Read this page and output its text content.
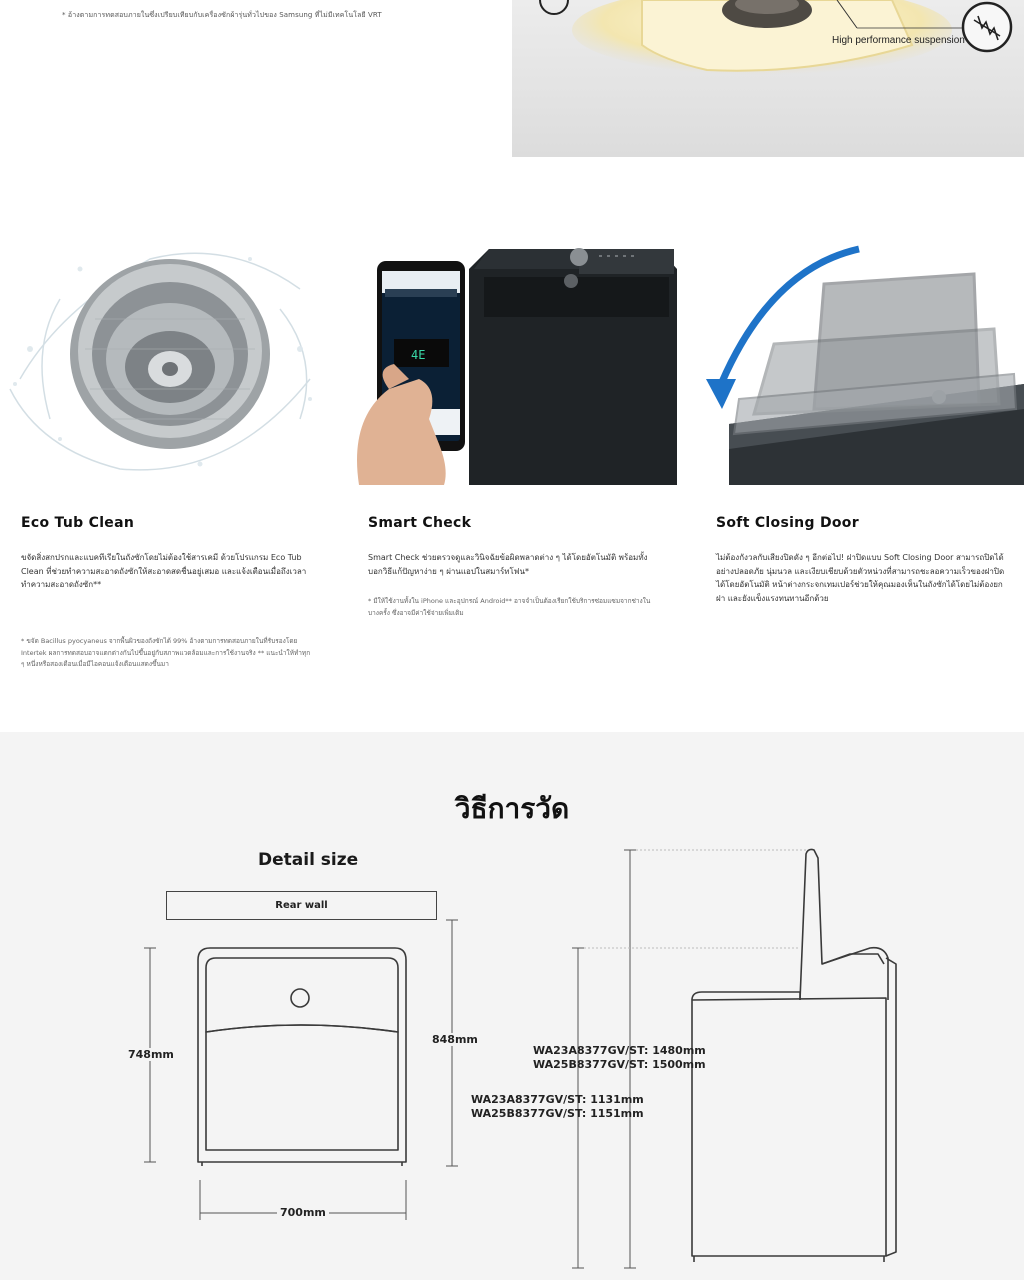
* อ้างตามการทดสอบภายในซึ่งเปรียบเทียบกับเครื่องซักผ้ารุ่นทั่วไปของ Samsung ที่ไม่มีเทคโนโลยี VRT
High performance suspension
4E
Eco Tub Clean
ขจัดสิ่งสกปรกและแบคทีเรียในถังซักโดยไม่ต้องใช้สารเคมี ด้วยโปรแกรม Eco Tub Clean ที่ช่วยทำความสะอาดถังซักให้สะอาดสดชื่นอยู่เสมอ และแจ้งเตือนเมื่อถึงเวลาทำความสะอาดถังซัก**
* ขจัด Bacillus pyocyaneus จากพื้นผิวของถังซักได้ 99% อ้างตามการทดสอบภายในที่รับรองโดย Intertek ผลการทดสอบอาจแตกต่างกันไปขึ้นอยู่กับสภาพแวดล้อมและการใช้งานจริง ** แนะนำให้ทำทุก ๆ หนึ่งหรือสองเดือนเมื่อมีไอคอนแจ้งเตือนแสดงขึ้นมา
Smart Check
Smart Check ช่วยตรวจดูและวินิจฉัยข้อผิดพลาดต่าง ๆ ได้โดยอัตโนมัติ พร้อมทั้งบอกวิธีแก้ปัญหาง่าย ๆ ผ่านแอปในสมาร์ทโฟน*
* มีให้ใช้งานทั้งใน iPhone และอุปกรณ์ Android** อาจจำเป็นต้องเรียกใช้บริการซ่อมแซมจากช่างในบางครั้ง ซึ่งอาจมีค่าใช้จ่ายเพิ่มเติม
Soft Closing Door
ไม่ต้องกังวลกับเสียงปิดดัง ๆ อีกต่อไป! ฝาปิดแบบ Soft Closing Door สามารถปิดได้อย่างปลอดภัย นุ่มนวล และเงียบเชียบด้วยตัวหน่วงที่สามารถชะลอความเร็วของฝาปิดได้โดยอัตโนมัติ หน้าต่างกระจกเทมเปอร์ช่วยให้คุณมองเห็นในถังซักได้โดยไม่ต้องยกฝา และยังแข็งแรงทนทานอีกด้วย
วิธีการวัด
Detail size
Rear wall
748mm
848mm
700mm
WA23A8377GV/ST: 1480mm
WA25B8377GV/ST: 1500mm
WA23A8377GV/ST: 1131mm
WA25B8377GV/ST: 1151mm
